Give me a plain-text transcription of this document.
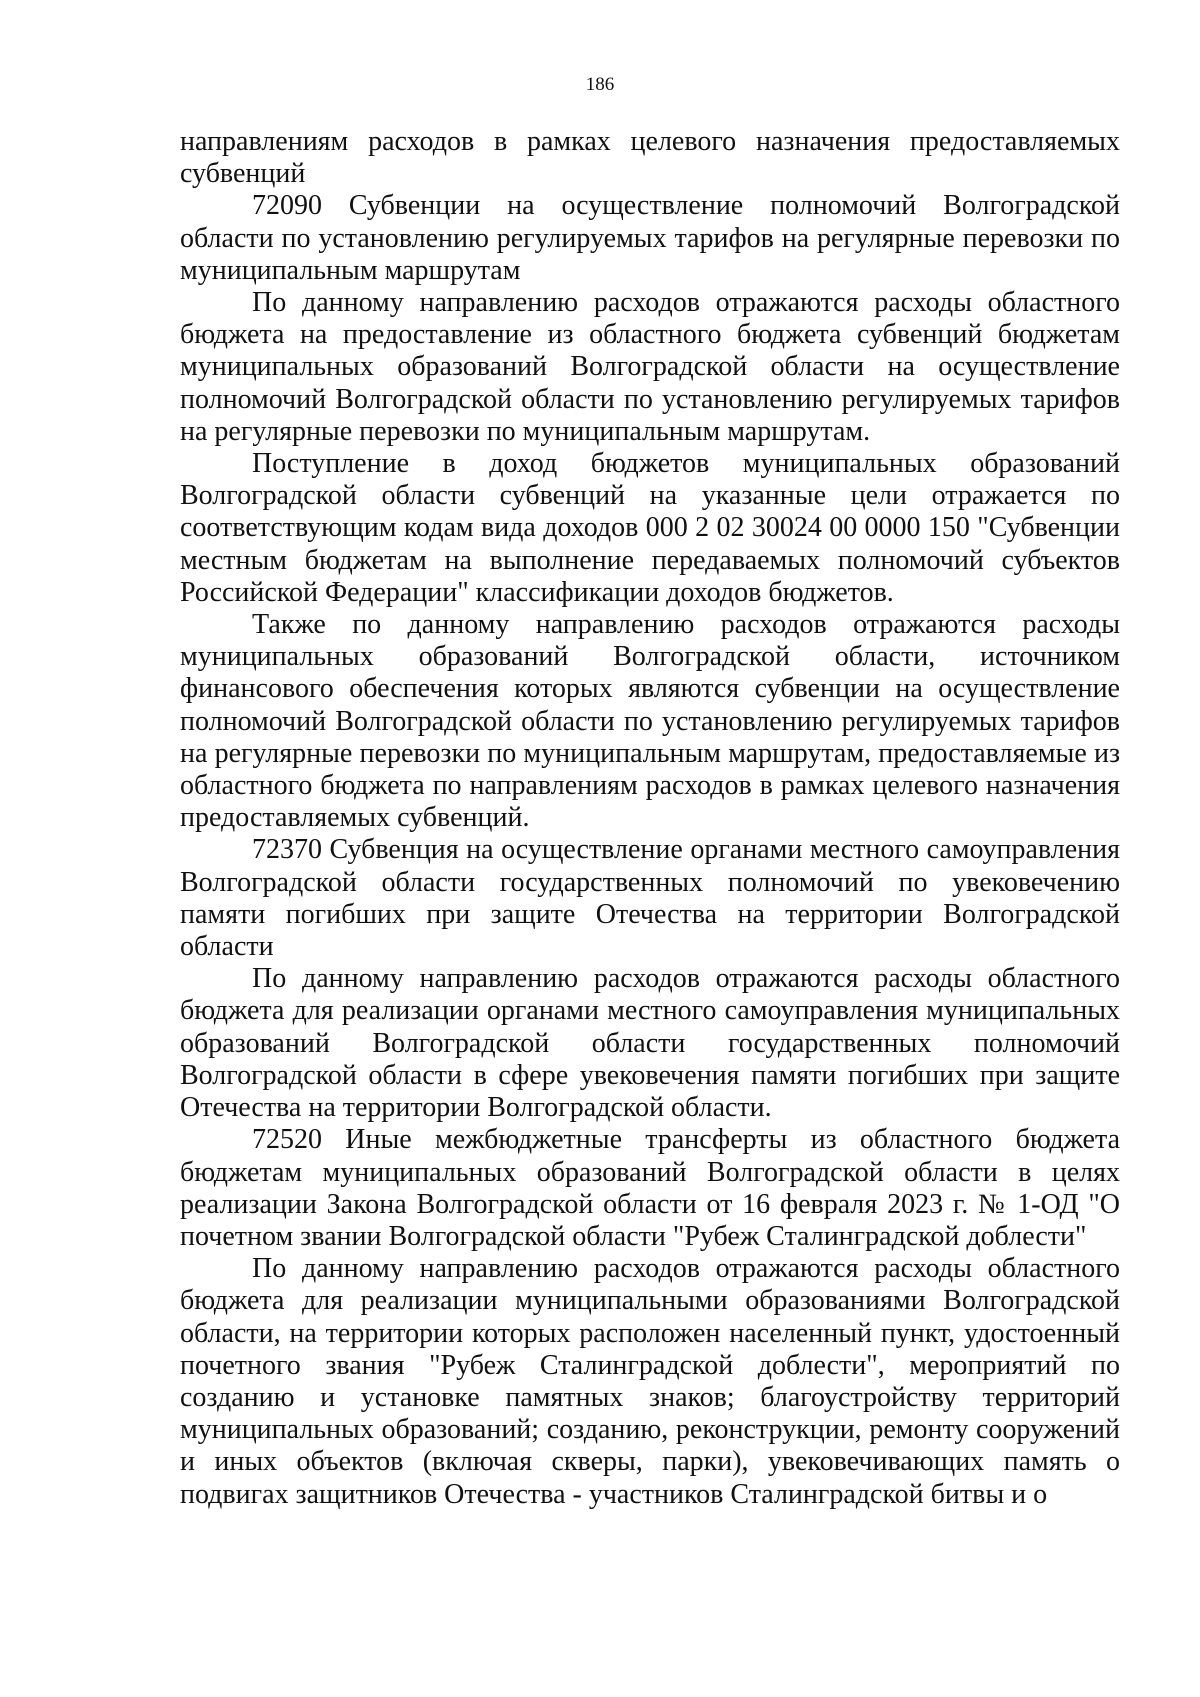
186

направлениям расходов в рамках целевого назначения предоставляемых субвенций

72090 Субвенции на осуществление полномочий Волгоградской области по установлению регулируемых тарифов на регулярные перевозки по муниципальным маршрутам

По данному направлению расходов отражаются расходы областного бюджета на предоставление из областного бюджета субвенций бюджетам муниципальных образований Волгоградской области на осуществление полномочий Волгоградской области по установлению регулируемых тарифов на регулярные перевозки по муниципальным маршрутам.

Поступление в доход бюджетов муниципальных образований Волгоградской области субвенций на указанные цели отражается по соответствующим кодам вида доходов 000 2 02 30024 00 0000 150 "Субвенции местным бюджетам на выполнение передаваемых полномочий субъектов Российской Федерации" классификации доходов бюджетов.

Также по данному направлению расходов отражаются расходы муниципальных образований Волгоградской области, источником финансового обеспечения которых являются субвенции на осуществление полномочий Волгоградской области по установлению регулируемых тарифов на регулярные перевозки по муниципальным маршрутам, предоставляемые из областного бюджета по направлениям расходов в рамках целевого назначения предоставляемых субвенций.

72370 Субвенция на осуществление органами местного самоуправления Волгоградской области государственных полномочий по увековечению памяти погибших при защите Отечества на территории Волгоградской области

По данному направлению расходов отражаются расходы областного бюджета для реализации органами местного самоуправления муниципальных образований Волгоградской области государственных полномочий Волгоградской области в сфере увековечения памяти погибших при защите Отечества на территории Волгоградской области.

72520 Иные межбюджетные трансферты из областного бюджета бюджетам муниципальных образований Волгоградской области в целях реализации Закона Волгоградской области от 16 февраля 2023 г. № 1-ОД "О почетном звании Волгоградской области "Рубеж Сталинградской доблести"

По данному направлению расходов отражаются расходы областного бюджета для реализации муниципальными образованиями Волгоградской области, на территории которых расположен населенный пункт, удостоенный почетного звания "Рубеж Сталинградской доблести", мероприятий по созданию и установке памятных знаков; благоустройству территорий муниципальных образований; созданию, реконструкции, ремонту сооружений и иных объектов (включая скверы, парки), увековечивающих память о подвигах защитников Отечества - участников Сталинградской битвы и о
